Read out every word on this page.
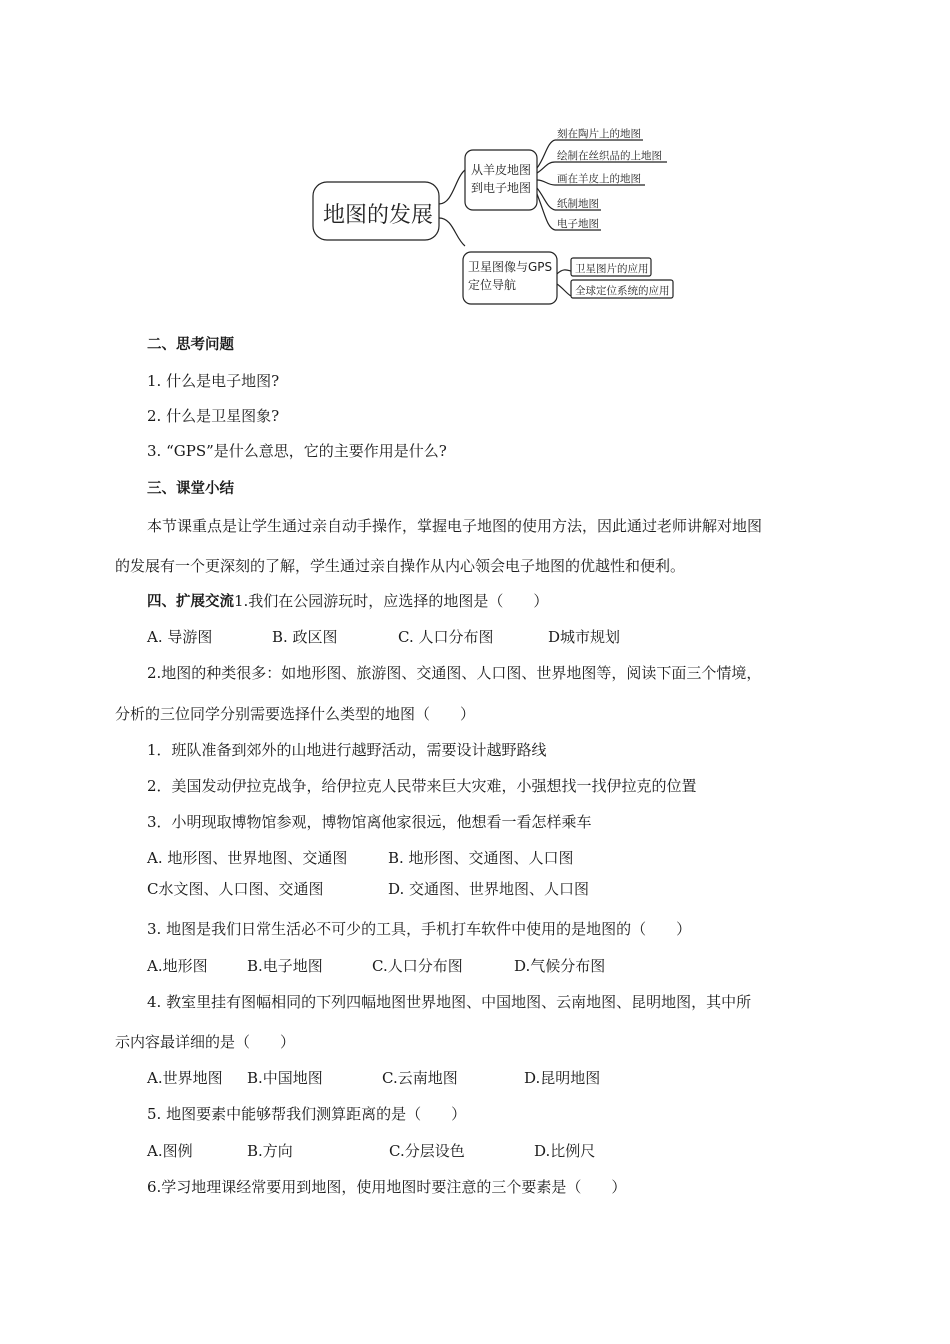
地图的发展
从羊皮地图
到电子地图
刻在陶片上的地图
绘制在丝织品的上地图
画在羊皮上的地图
纸制地图
电子地图
卫星图像与GPS
定位导航
卫星图片的应用
全球定位系统的应用
二、思考问题
1. 什么是电子地图?
2. 什么是卫星图象?
3. “GPS”是什么意思，它的主要作用是什么?
三、课堂小结
本节课重点是让学生通过亲自动手操作，掌握电子地图的使用方法，因此通过老师讲解对地图
的发展有一个更深刻的了解，学生通过亲自操作从内心领会电子地图的优越性和便利。
四、扩展交流1.我们在公园游玩时，应选择的地图是（　　）
A. 导游图	B. 政区图	C. 人口分布图	D城市规划
2.地图的种类很多：如地形图、旅游图、交通图、人口图、世界地图等，阅读下面三个情境，
分析的三位同学分别需要选择什么类型的地图（　　）
1．班队准备到郊外的山地进行越野活动，需要设计越野路线
2．美国发动伊拉克战争，给伊拉克人民带来巨大灾难，小强想找一找伊拉克的位置
3．小明现取博物馆参观，博物馆离他家很远，他想看一看怎样乘车
A. 地形图、世界地图、交通图	B. 地形图、交通图、人口图
C水文图、人口图、交通图	D. 交通图、世界地图、人口图
3. 地图是我们日常生活必不可少的工具，手机打车软件中使用的是地图的（　　）
A.地形图	B.电子地图	C.人口分布图	D.气候分布图
4. 教室里挂有图幅相同的下列四幅地图世界地图、中国地图、云南地图、昆明地图，其中所
示内容最详细的是（　　）
A.世界地图 B.中国地图	C.云南地图	D.昆明地图
5. 地图要素中能够帮我们测算距离的是（　　）
A.图例	B.方向	C.分层设色	D.比例尺
6.学习地理课经常要用到地图，使用地图时要注意的三个要素是（　　）
